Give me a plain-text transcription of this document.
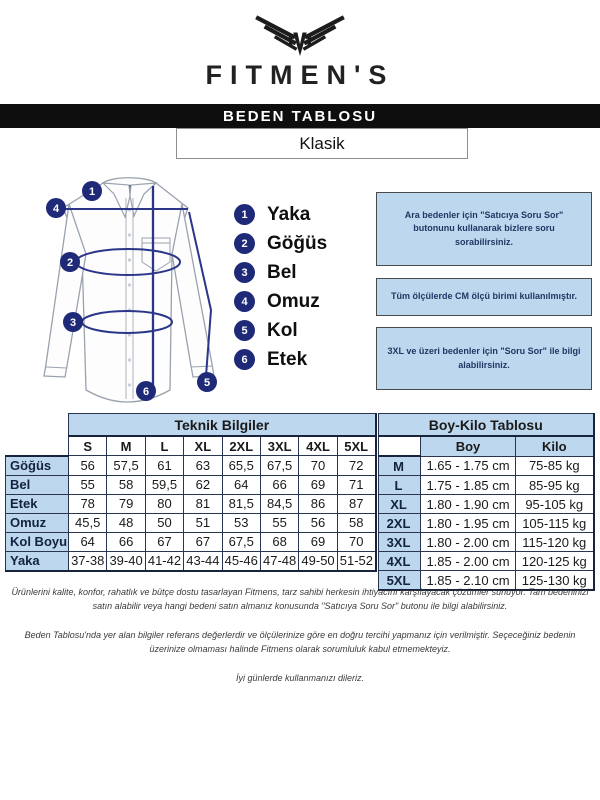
FITMEN'S
BEDEN TABLOSU
Klasik
1
4
2
3
5
6
1	Yaka
2	Göğüs
3	Bel
4	Omuz
5	Kol
6	Etek
Ara bedenler için "Satıcıya Soru Sor" butonunu kullanarak bizlere soru sorabilirsiniz.
Tüm ölçülerde CM ölçü birimi kullanılmıştır.
3XL ve üzeri bedenler için "Soru Sor" ile bilgi alabilirsiniz.
	Teknik Bilgiler							
	S	M	L	XL	2XL	3XL	4XL	5XL
Göğüs	56	57,5	61	63	65,5	67,5	70	72
Bel	55	58	59,5	62	64	66	69	71
Etek	78	79	80	81	81,5	84,5	86	87
Omuz	45,5	48	50	51	53	55	56	58
Kol Boyu	64	66	67	67	67,5	68	69	70
Yaka	37-38	39-40	41-42	43-44	45-46	47-48	49-50	51-52
Boy-Kilo Tablosu		
	Boy	Kilo
M	1.65 - 1.75 cm	75-85 kg
L	1.75 - 1.85 cm	85-95 kg
XL	1.80 - 1.90 cm	95-105 kg
2XL	1.80 - 1.95 cm	105-115 kg
3XL	1.80 - 2.00 cm	115-120 kg
4XL	1.85 - 2.00 cm	120-125 kg
5XL	1.85 - 2.10 cm	125-130 kg

Ürünlerini kalite, konfor, rahatlık ve bütçe dostu tasarlayan Fitmens, tarz sahibi herkesin ihtiyacını karşılayacak çözümler sunuyor. Tam bedeninizi satın alabilir veya hangi bedeni satın almanız konusunda "Satıcıya Soru Sor" butonu ile bilgi alabilirsiniz.

Beden Tablosu'nda yer alan bilgiler referans değerlerdir ve ölçülerinize göre en doğru tercihi yapmanız için verilmiştir. Seçeceğiniz bedenin üzerinize olmaması halinde Fitmens olarak sorumluluk kabul etmemekteyiz.

İyi günlerde kullanmanızı dileriz.
